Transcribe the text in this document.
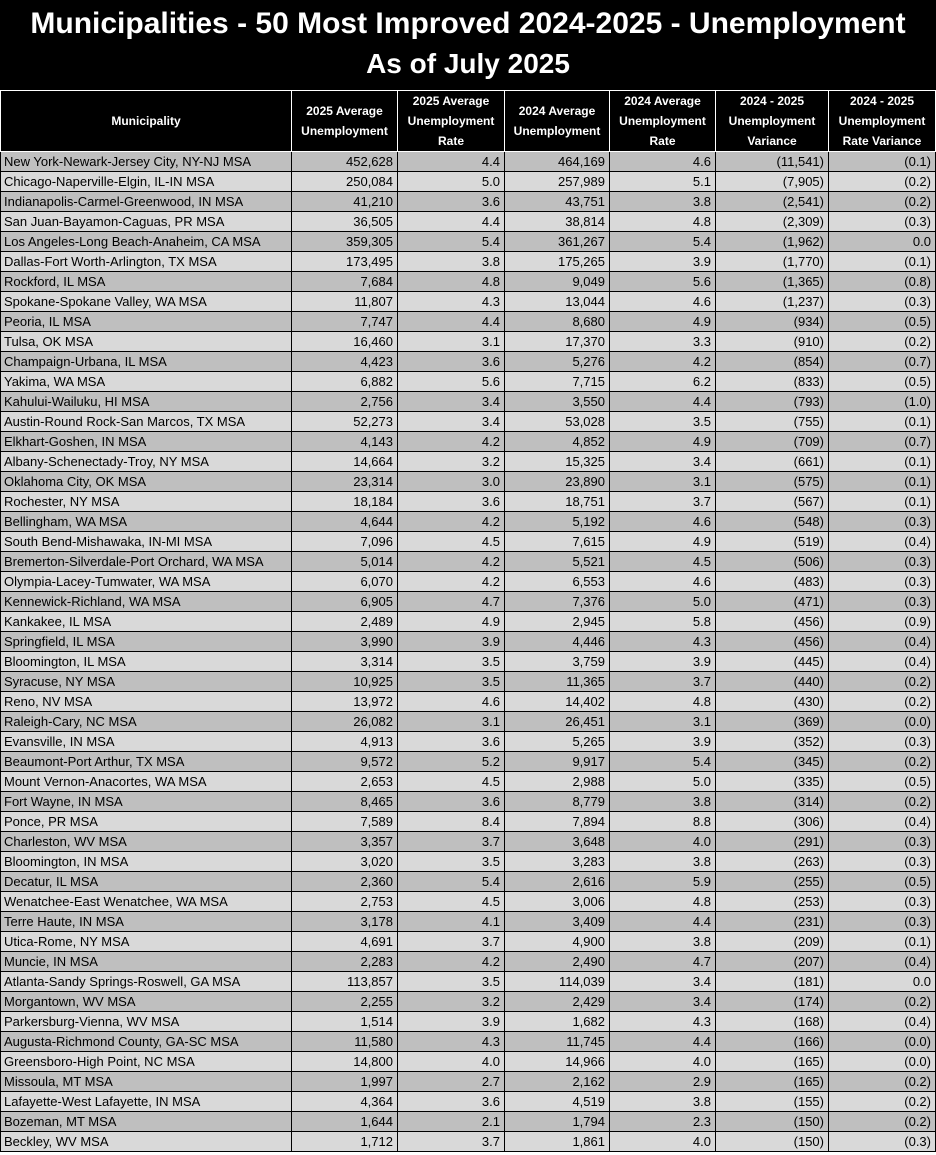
Municipalities - 50 Most Improved 2024-2025 - Unemployment
As of July 2025
Municipality	2025 Average Unemployment	2025 Average Unemployment Rate	2024 Average Unemployment	2024 Average Unemployment Rate	2024 - 2025 Unemployment Variance	2024 - 2025 Unemployment Rate Variance
New York-Newark-Jersey City, NY-NJ MSA	452,628	4.4	464,169	4.6	(11,541)	(0.1)
Chicago-Naperville-Elgin, IL-IN MSA	250,084	5.0	257,989	5.1	(7,905)	(0.2)
Indianapolis-Carmel-Greenwood, IN MSA	41,210	3.6	43,751	3.8	(2,541)	(0.2)
San Juan-Bayamon-Caguas, PR MSA	36,505	4.4	38,814	4.8	(2,309)	(0.3)
Los Angeles-Long Beach-Anaheim, CA MSA	359,305	5.4	361,267	5.4	(1,962)	0.0
Dallas-Fort Worth-Arlington, TX MSA	173,495	3.8	175,265	3.9	(1,770)	(0.1)
Rockford, IL MSA	7,684	4.8	9,049	5.6	(1,365)	(0.8)
Spokane-Spokane Valley, WA MSA	11,807	4.3	13,044	4.6	(1,237)	(0.3)
Peoria, IL MSA	7,747	4.4	8,680	4.9	(934)	(0.5)
Tulsa, OK MSA	16,460	3.1	17,370	3.3	(910)	(0.2)
Champaign-Urbana, IL MSA	4,423	3.6	5,276	4.2	(854)	(0.7)
Yakima, WA MSA	6,882	5.6	7,715	6.2	(833)	(0.5)
Kahului-Wailuku, HI MSA	2,756	3.4	3,550	4.4	(793)	(1.0)
Austin-Round Rock-San Marcos, TX MSA	52,273	3.4	53,028	3.5	(755)	(0.1)
Elkhart-Goshen, IN MSA	4,143	4.2	4,852	4.9	(709)	(0.7)
Albany-Schenectady-Troy, NY MSA	14,664	3.2	15,325	3.4	(661)	(0.1)
Oklahoma City, OK MSA	23,314	3.0	23,890	3.1	(575)	(0.1)
Rochester, NY MSA	18,184	3.6	18,751	3.7	(567)	(0.1)
Bellingham, WA MSA	4,644	4.2	5,192	4.6	(548)	(0.3)
South Bend-Mishawaka, IN-MI MSA	7,096	4.5	7,615	4.9	(519)	(0.4)
Bremerton-Silverdale-Port Orchard, WA MSA	5,014	4.2	5,521	4.5	(506)	(0.3)
Olympia-Lacey-Tumwater, WA MSA	6,070	4.2	6,553	4.6	(483)	(0.3)
Kennewick-Richland, WA MSA	6,905	4.7	7,376	5.0	(471)	(0.3)
Kankakee, IL MSA	2,489	4.9	2,945	5.8	(456)	(0.9)
Springfield, IL MSA	3,990	3.9	4,446	4.3	(456)	(0.4)
Bloomington, IL MSA	3,314	3.5	3,759	3.9	(445)	(0.4)
Syracuse, NY MSA	10,925	3.5	11,365	3.7	(440)	(0.2)
Reno, NV MSA	13,972	4.6	14,402	4.8	(430)	(0.2)
Raleigh-Cary, NC MSA	26,082	3.1	26,451	3.1	(369)	(0.0)
Evansville, IN MSA	4,913	3.6	5,265	3.9	(352)	(0.3)
Beaumont-Port Arthur, TX MSA	9,572	5.2	9,917	5.4	(345)	(0.2)
Mount Vernon-Anacortes, WA MSA	2,653	4.5	2,988	5.0	(335)	(0.5)
Fort Wayne, IN MSA	8,465	3.6	8,779	3.8	(314)	(0.2)
Ponce, PR MSA	7,589	8.4	7,894	8.8	(306)	(0.4)
Charleston, WV MSA	3,357	3.7	3,648	4.0	(291)	(0.3)
Bloomington, IN MSA	3,020	3.5	3,283	3.8	(263)	(0.3)
Decatur, IL MSA	2,360	5.4	2,616	5.9	(255)	(0.5)
Wenatchee-East Wenatchee, WA MSA	2,753	4.5	3,006	4.8	(253)	(0.3)
Terre Haute, IN MSA	3,178	4.1	3,409	4.4	(231)	(0.3)
Utica-Rome, NY MSA	4,691	3.7	4,900	3.8	(209)	(0.1)
Muncie, IN MSA	2,283	4.2	2,490	4.7	(207)	(0.4)
Atlanta-Sandy Springs-Roswell, GA MSA	113,857	3.5	114,039	3.4	(181)	0.0
Morgantown, WV MSA	2,255	3.2	2,429	3.4	(174)	(0.2)
Parkersburg-Vienna, WV MSA	1,514	3.9	1,682	4.3	(168)	(0.4)
Augusta-Richmond County, GA-SC MSA	11,580	4.3	11,745	4.4	(166)	(0.0)
Greensboro-High Point, NC MSA	14,800	4.0	14,966	4.0	(165)	(0.0)
Missoula, MT MSA	1,997	2.7	2,162	2.9	(165)	(0.2)
Lafayette-West Lafayette, IN MSA	4,364	3.6	4,519	3.8	(155)	(0.2)
Bozeman, MT MSA	1,644	2.1	1,794	2.3	(150)	(0.2)
Beckley, WV MSA	1,712	3.7	1,861	4.0	(150)	(0.3)
